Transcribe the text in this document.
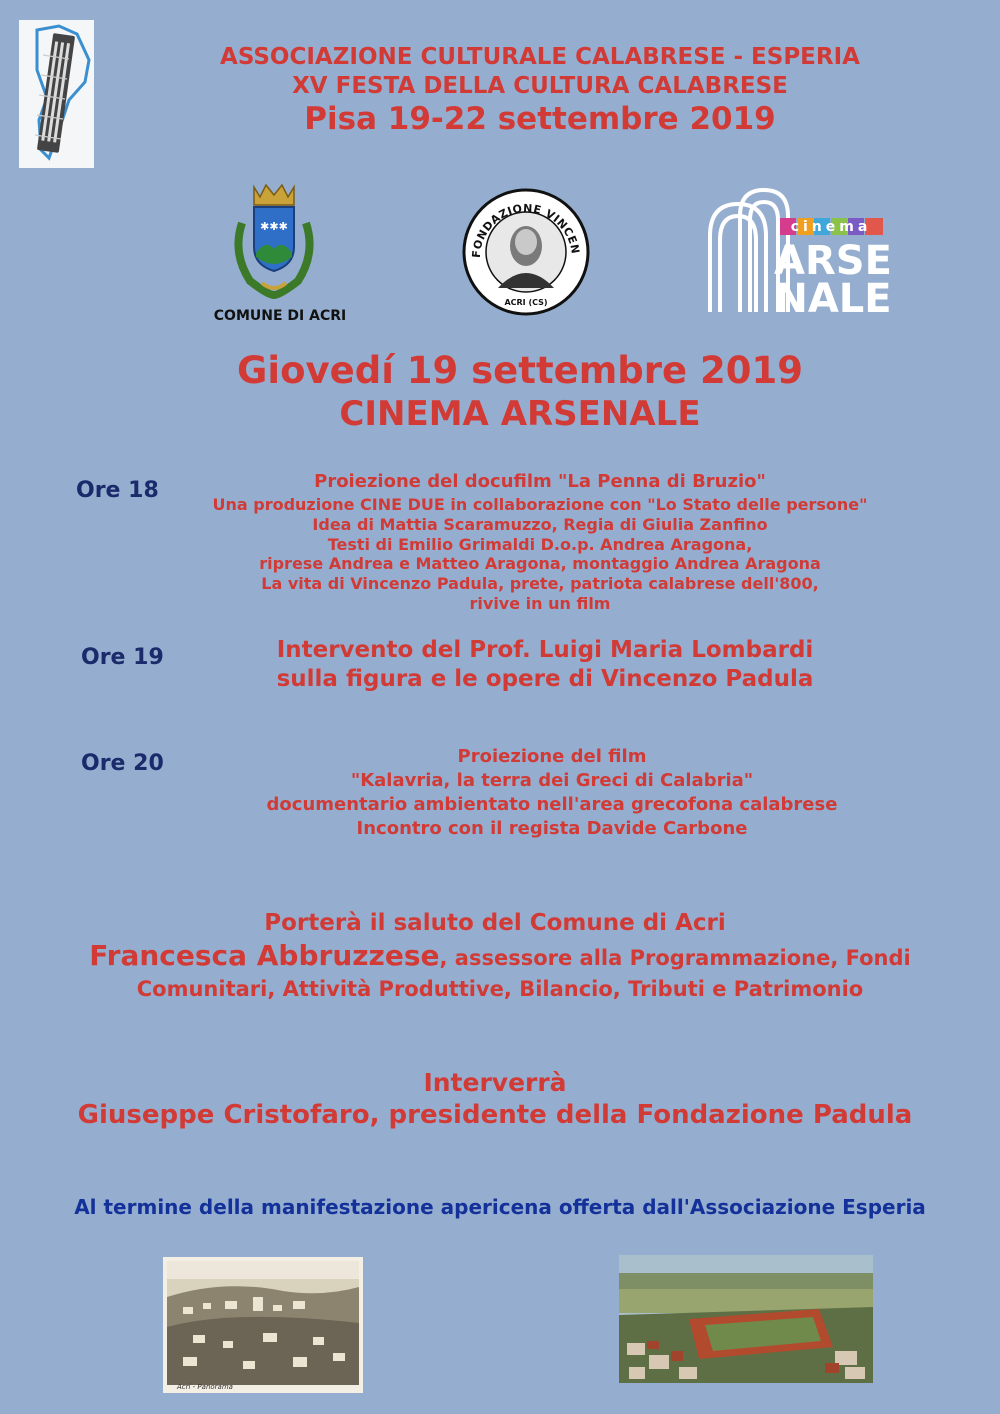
ASSOCIAZIONE CULTURALE CALABRESE - ESPERIA
XV FESTA DELLA CULTURA CALABRESE
Pisa 19-22 settembre 2019
✱✱✱
COMUNE DI ACRI
FONDAZIONE VINCEN
ACRI (CS)
cinema
ARSE
NALE
Giovedí 19 settembre 2019
CINEMA ARSENALE
Ore 18	Proiezione del docufilm "La Penna di Bruzio"
Una produzione CINE DUE in collaborazione con "Lo Stato delle persone"
Idea di Mattia Scaramuzzo, Regia di Giulia Zanfino
Testi di Emilio Grimaldi D.o.p. Andrea Aragona,
riprese Andrea e Matteo Aragona, montaggio Andrea Aragona
La vita di Vincenzo Padula, prete, patriota calabrese dell'800,
rivive in un film
Ore 19	Intervento del Prof. Luigi Maria Lombardi
sulla figura e le opere di Vincenzo Padula
Ore 20	Proiezione del film
"Kalavria, la terra dei Greci di Calabria"
documentario ambientato nell'area grecofona calabrese
Incontro con il regista Davide Carbone
Porterà il saluto del Comune di Acri
Francesca Abbruzzese, assessore alla Programmazione, Fondi
Comunitari, Attività Produttive, Bilancio, Tributi e Patrimonio
Interverrà
Giuseppe Cristofaro, presidente della Fondazione Padula
Al termine della manifestazione apericena offerta dall'Associazione Esperia
Acri - Panorama
